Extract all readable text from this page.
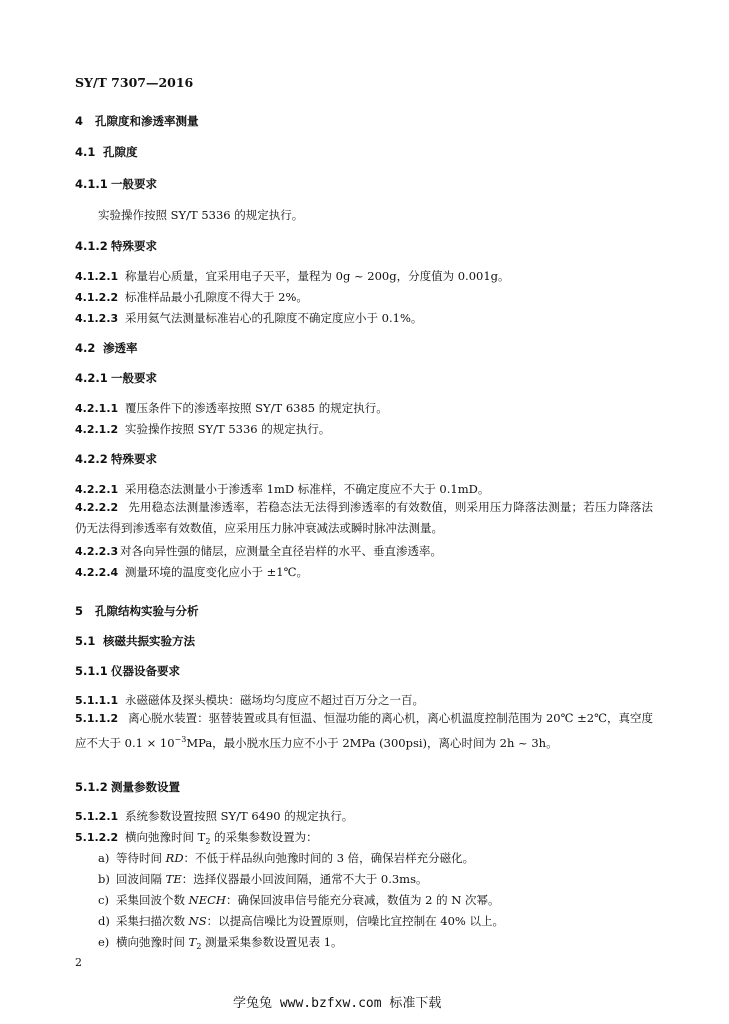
SY/T 7307—2016
4 孔隙度和渗透率测量
4.1 孔隙度
4.1.1 一般要求
实验操作按照 SY/T 5336 的规定执行。
4.1.2 特殊要求
4.1.2.1 称量岩心质量，宜采用电子天平，量程为 0g ~ 200g，分度值为 0.001g。
4.1.2.2 标准样品最小孔隙度不得大于 2%。
4.1.2.3 采用氦气法测量标准岩心的孔隙度不确定度应小于 0.1%。
4.2 渗透率
4.2.1 一般要求
4.2.1.1 覆压条件下的渗透率按照 SY/T 6385 的规定执行。
4.2.1.2 实验操作按照 SY/T 5336 的规定执行。
4.2.2 特殊要求
4.2.2.1 采用稳态法测量小于渗透率 1mD 标准样，不确定度应不大于 0.1mD。
4.2.2.2 先用稳态法测量渗透率，若稳态法无法得到渗透率的有效数值，则采用压力降落法测量；若压力降落法仍无法得到渗透率有效数值，应采用压力脉冲衰减法或瞬时脉冲法测量。
4.2.2.3 对各向异性强的储层，应测量全直径岩样的水平、垂直渗透率。
4.2.2.4 测量环境的温度变化应小于 ±1℃。
5 孔隙结构实验与分析
5.1 核磁共振实验方法
5.1.1 仪器设备要求
5.1.1.1 永磁磁体及探头模块：磁场均匀度应不超过百万分之一百。
5.1.1.2 离心脱水装置：驱替装置或具有恒温、恒湿功能的离心机，离心机温度控制范围为 20℃ ±2℃，真空度应不大于 $0.1 \times 10^{-3}MPa$，最小脱水压力应不小于 2MPa (300psi)，离心时间为 2h ~ 3h。
5.1.2 测量参数设置
5.1.2.1 系统参数设置按照 SY/T 6490 的规定执行。
5.1.2.2 横向弛豫时间 $T_2$ 的采集参数设置为：
a) 等待时间 RD：不低于样品纵向弛豫时间的 3 倍，确保岩样充分磁化。
b) 回波间隔 TE：选择仪器最小回波间隔，通常不大于 0.3ms。
c) 采集回波个数 NECH：确保回波串信号能充分衰减，数值为 2 的 N 次幂。
d) 采集扫描次数 NS：以提高信噪比为设置原则，信噪比宜控制在 40% 以上。
e) 横向弛豫时间 $T_2$ 测量采集参数设置见表 1。
2
学兔兔 www.bzfxw.com 标准下载
